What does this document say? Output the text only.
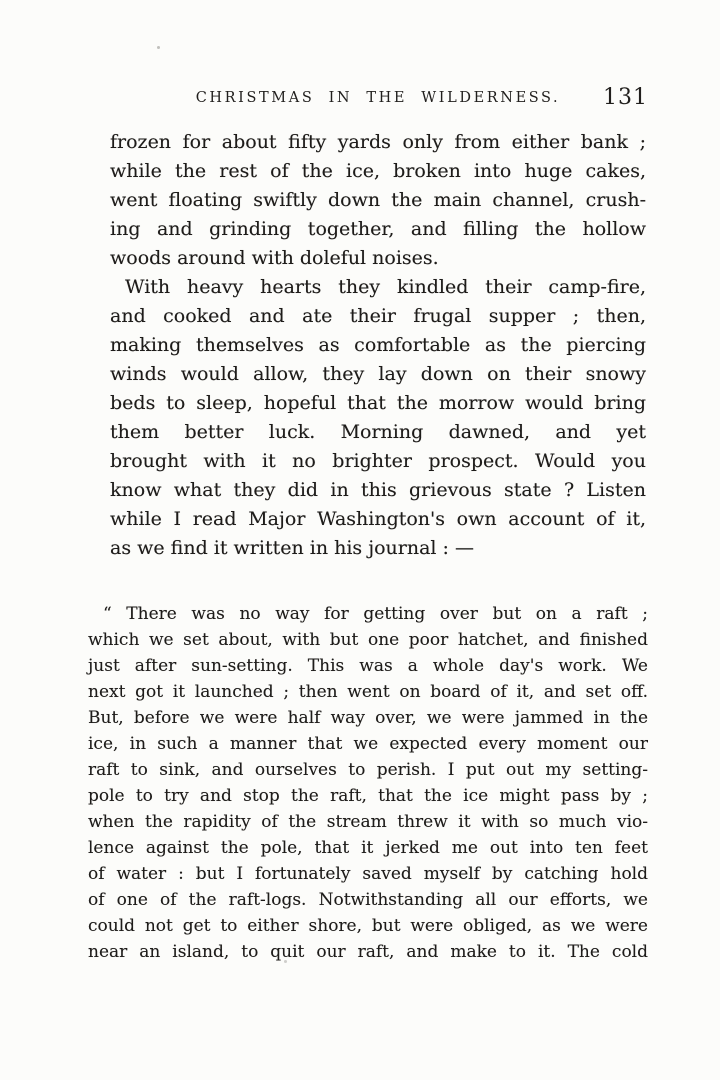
CHRISTMAS IN THE WILDERNESS.	131
frozen for about fifty yards only from either bank ;
while the rest of the ice, broken into huge cakes,
went floating swiftly down the main channel, crush-
ing and grinding together, and filling the hollow
woods around with doleful noises.
With heavy hearts they kindled their camp-fire,
and cooked and ate their frugal supper ; then,
making themselves as comfortable as the piercing
winds would allow, they lay down on their snowy
beds to sleep, hopeful that the morrow would bring
them better luck. Morning dawned, and yet
brought with it no brighter prospect. Would you
know what they did in this grievous state ? Listen
while I read Major Washington's own account of it,
as we find it written in his journal : —
“ There was no way for getting over but on a raft ;
which we set about, with but one poor hatchet, and finished
just after sun-setting. This was a whole day's work. We
next got it launched ; then went on board of it, and set off.
But, before we were half way over, we were jammed in the
ice, in such a manner that we expected every moment our
raft to sink, and ourselves to perish. I put out my setting-
pole to try and stop the raft, that the ice might pass by ;
when the rapidity of the stream threw it with so much vio-
lence against the pole, that it jerked me out into ten feet
of water : but I fortunately saved myself by catching hold
of one of the raft-logs. Notwithstanding all our efforts, we
could not get to either shore, but were obliged, as we were
near an island, to quit our raft, and make to it. The cold
